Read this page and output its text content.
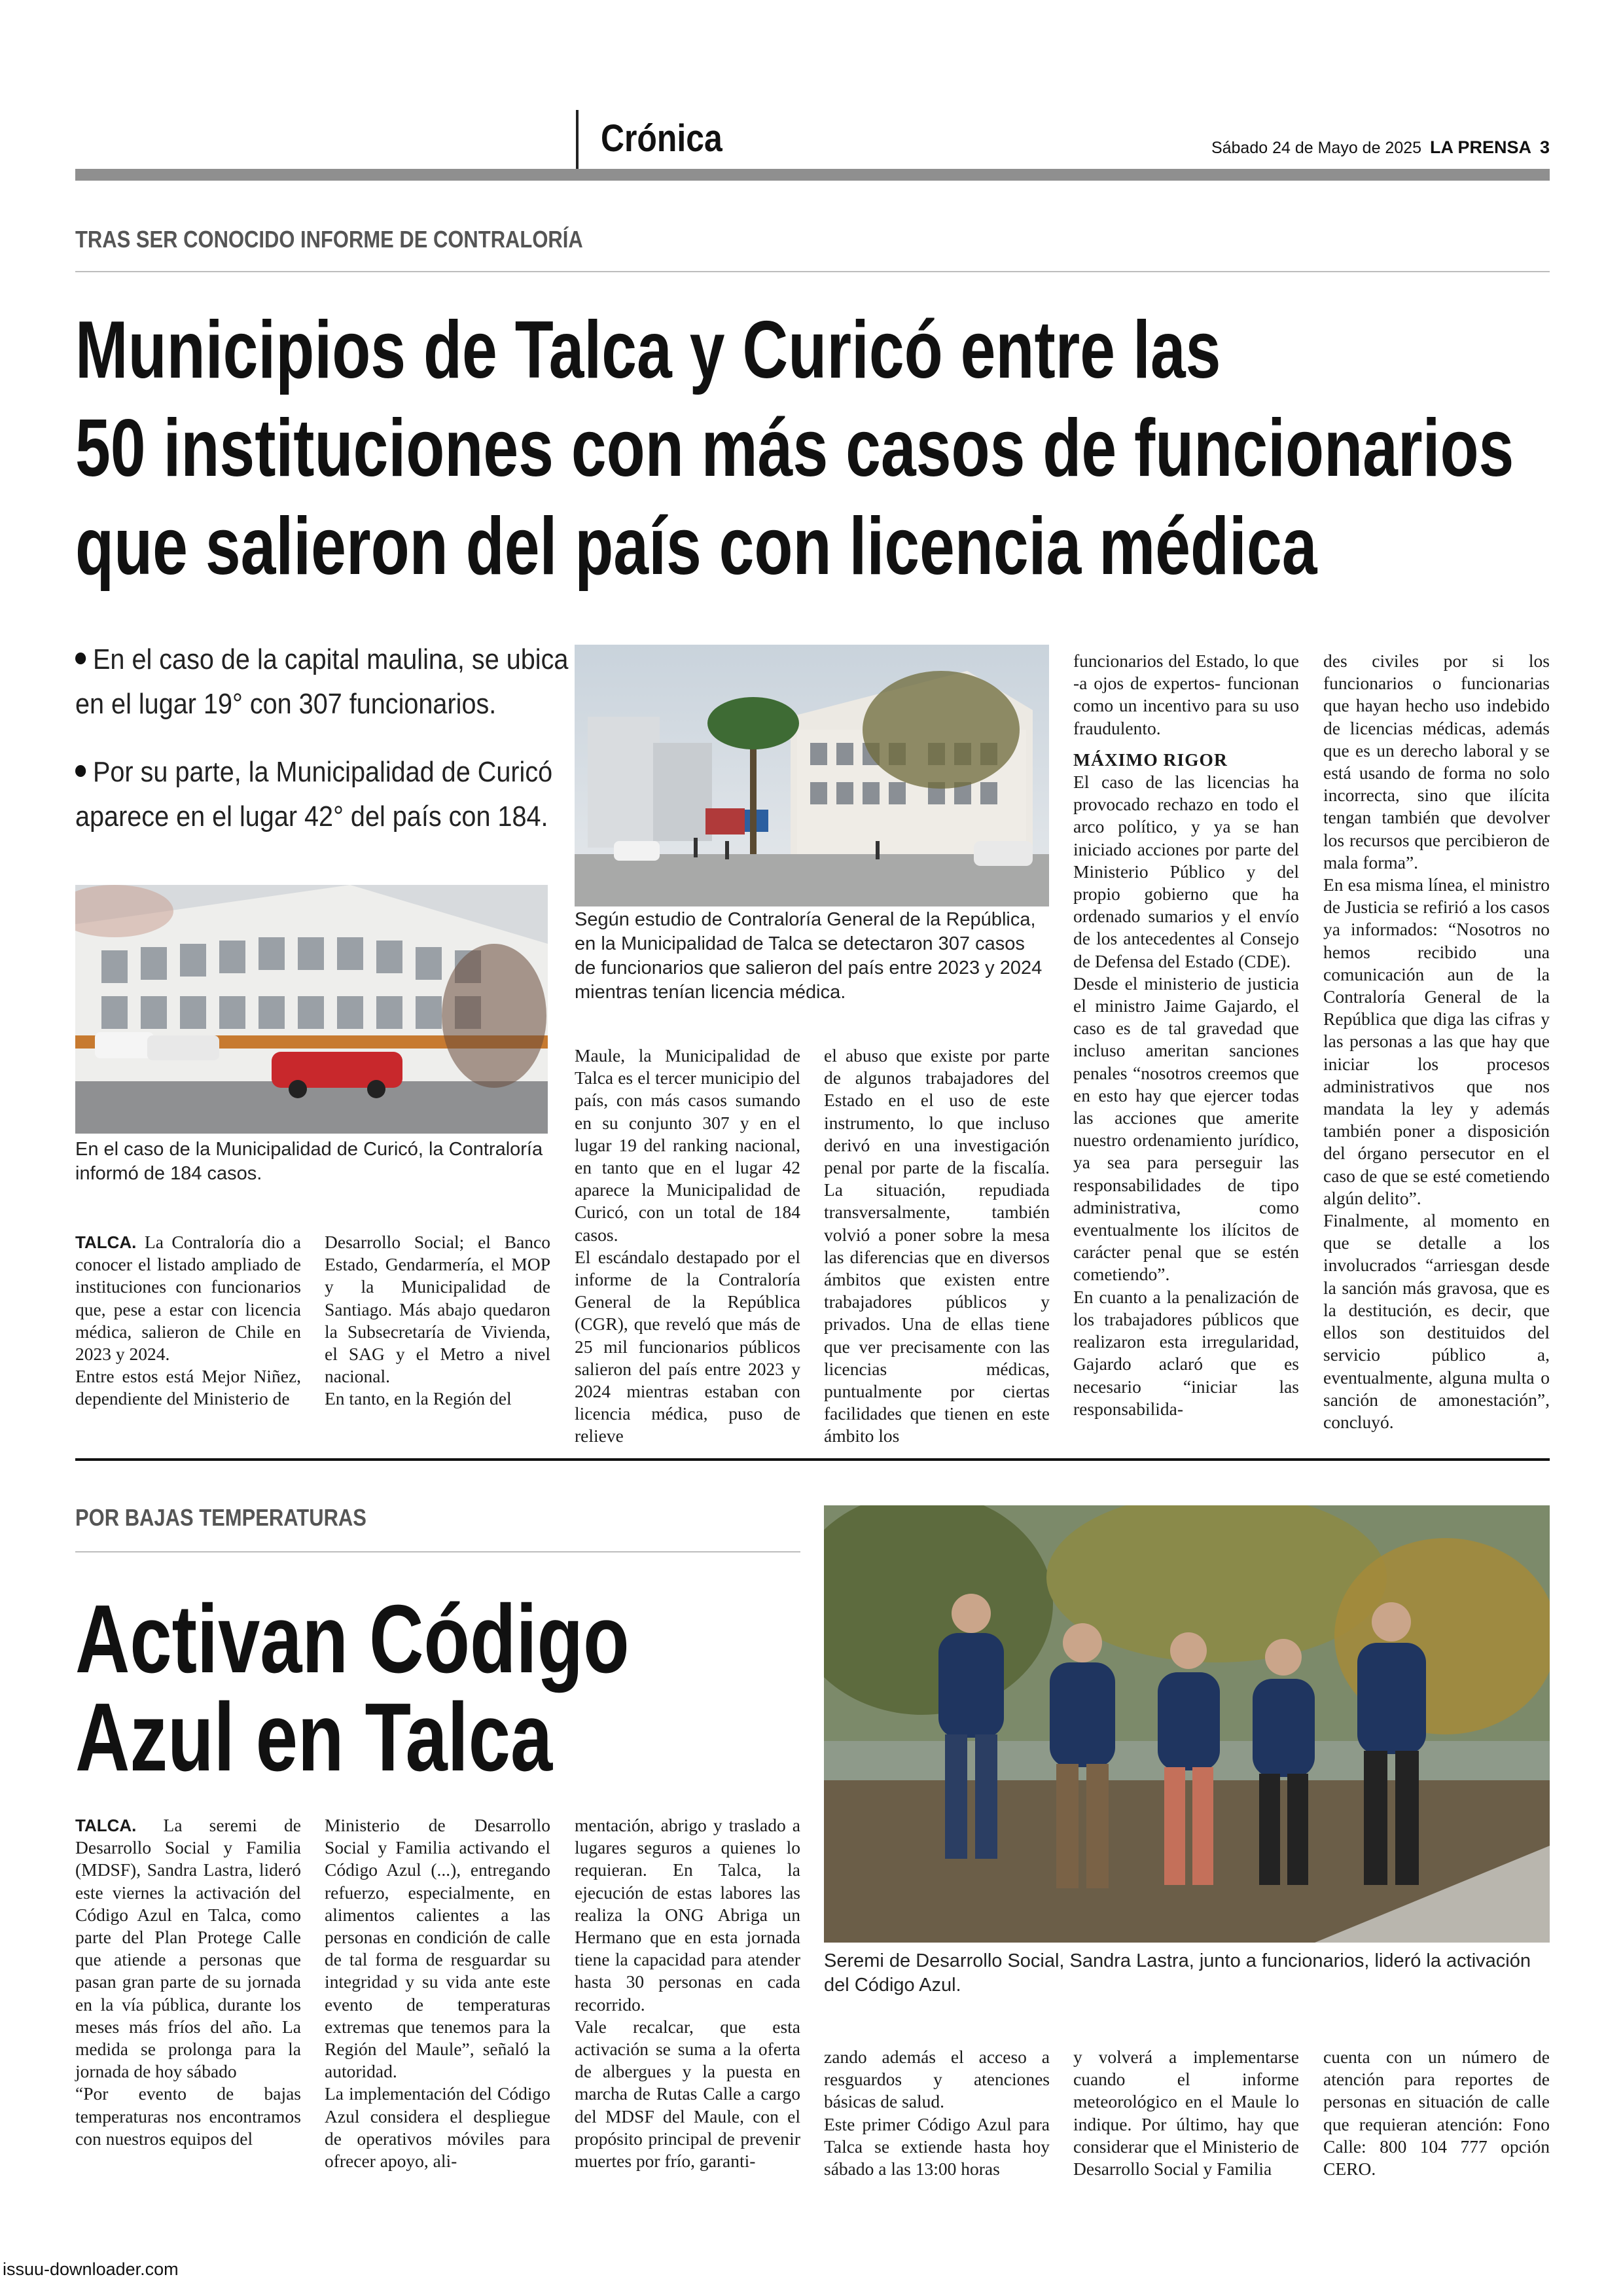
Crónica	Sábado 24 de Mayo de 2025 LA PRENSA 3
TRAS SER CONOCIDO INFORME DE CONTRALORÍA
Municipios de Talca y Curicó entre las
50 instituciones con más casos de funcionarios
que salieron del país con licencia médica
En el caso de la capital maulina, se ubica
en el lugar 19° con 307 funcionarios.
Por su parte, la Municipalidad de Curicó
aparece en el lugar 42° del país con 184.
Según estudio de Contraloría General de la República, en la Municipalidad de Talca se detectaron 307 casos de funcionarios que salieron del país entre 2023 y 2024 mientras tenían licencia médica.
En el caso de la Municipalidad de Curicó, la Contraloría informó de 184 casos.
TALCA. La Contraloría dio a conocer el listado ampliado de instituciones con funcionarios que, pese a estar con licencia médica, salieron de Chile en 2023 y 2024.
Entre estos está Mejor Niñez, dependiente del Ministerio de
Desarrollo Social; el Banco Estado, Gendarmería, el MOP y la Municipalidad de Santiago. Más abajo quedaron la Subsecretaría de Vivienda, el SAG y el Metro a nivel nacional.
En tanto, en la Región del
Maule, la Municipalidad de Talca es el tercer municipio del país, con más casos sumando en su conjunto 307 y en el lugar 19 del ranking nacional, en tanto que en el lugar 42 aparece la Municipalidad de Curicó, con un total de 184 casos.
El escándalo destapado por el informe de la Contraloría General de la República (CGR), que reveló que más de 25 mil funcionarios públicos salieron del país entre 2023 y 2024 mientras estaban con licencia médica, puso de relieve
el abuso que existe por parte de algunos trabajadores del Estado en el uso de este instrumento, lo que incluso derivó en una investigación penal por parte de la fiscalía. La situación, repudiada transversalmente, también volvió a poner sobre la mesa las diferencias que en diversos ámbitos que existen entre trabajadores públicos y privados. Una de ellas tiene que ver precisamente con las licencias médicas, puntualmente por ciertas facilidades que tienen en este ámbito los
funcionarios del Estado, lo que -a ojos de expertos- funcionan como un incentivo para su uso fraudulento.
MÁXIMO RIGOR
El caso de las licencias ha provocado rechazo en todo el arco político, y ya se han iniciado acciones por parte del Ministerio Público y del propio gobierno que ha ordenado sumarios y el envío de los antecedentes al Consejo de Defensa del Estado (CDE).
Desde el ministerio de justicia el ministro Jaime Gajardo, el caso es de tal gravedad que incluso ameritan sanciones penales “nosotros creemos que en esto hay que ejercer todas las acciones que amerite nuestro ordenamiento jurídico, ya sea para perseguir las responsabilidades de tipo administrativa, como eventualmente los ilícitos de carácter penal que se estén cometiendo”.
En cuanto a la penalización de los trabajadores públicos que realizaron esta irregularidad, Gajardo aclaró que es necesario “iniciar las responsabilida-
des civiles por si los funcionarios o funcionarias que hayan hecho uso indebido de licencias médicas, además que es un derecho laboral y se está usando de forma no solo incorrecta, sino que ilícita tengan también que devolver los recursos que percibieron de mala forma”.
En esa misma línea, el ministro de Justicia se refirió a los casos ya informados: “Nosotros no hemos recibido una comunicación aun de la Contraloría General de la República que diga las cifras y las personas a las que hay que iniciar los procesos administrativos que nos mandata la ley y además también poner a disposición del órgano persecutor en el caso de que se esté cometiendo algún delito”.
Finalmente, al momento en que se detalle a los involucrados “arriesgan desde la sanción más gravosa, que es la destitución, es decir, que ellos son destituidos del servicio público a, eventualmente, alguna multa o sanción de amonestación”, concluyó.
POR BAJAS TEMPERATURAS
Activan Código
Azul en Talca
Seremi de Desarrollo Social, Sandra Lastra, junto a funcionarios, lideró la activación del Código Azul.
TALCA. La seremi de Desarrollo Social y Familia (MDSF), Sandra Lastra, lideró este viernes la activación del Código Azul en Talca, como parte del Plan Protege Calle que atiende a personas que pasan gran parte de su jornada en la vía pública, durante los meses más fríos del año. La medida se prolonga para la jornada de hoy sábado
“Por evento de bajas temperaturas nos encontramos con nuestros equipos del
Ministerio de Desarrollo Social y Familia activando el Código Azul (...), entregando refuerzo, especialmente, en alimentos calientes a las personas en condición de calle de tal forma de resguardar su integridad y su vida ante este evento de temperaturas extremas que tenemos para la Región del Maule”, señaló la autoridad.
La implementación del Código Azul considera el despliegue de operativos móviles para ofrecer apoyo, ali-
mentación, abrigo y traslado a lugares seguros a quienes lo requieran. En Talca, la ejecución de estas labores las realiza la ONG Abriga un Hermano que en esta jornada tiene la capacidad para atender hasta 30 personas en cada recorrido.
Vale recalcar, que esta activación se suma a la oferta de albergues y la puesta en marcha de Rutas Calle a cargo del MDSF del Maule, con el propósito principal de prevenir muertes por frío, garanti-
zando además el acceso a resguardos y atenciones básicas de salud.
Este primer Código Azul para Talca se extiende hasta hoy sábado a las 13:00 horas
y volverá a implementarse cuando el informe meteorológico en el Maule lo indique. Por último, hay que considerar que el Ministerio de Desarrollo Social y Familia
cuenta con un número de atención para reportes de personas en situación de calle que requieran atención: Fono Calle: 800 104 777 opción CERO.
issuu-downloader.com
